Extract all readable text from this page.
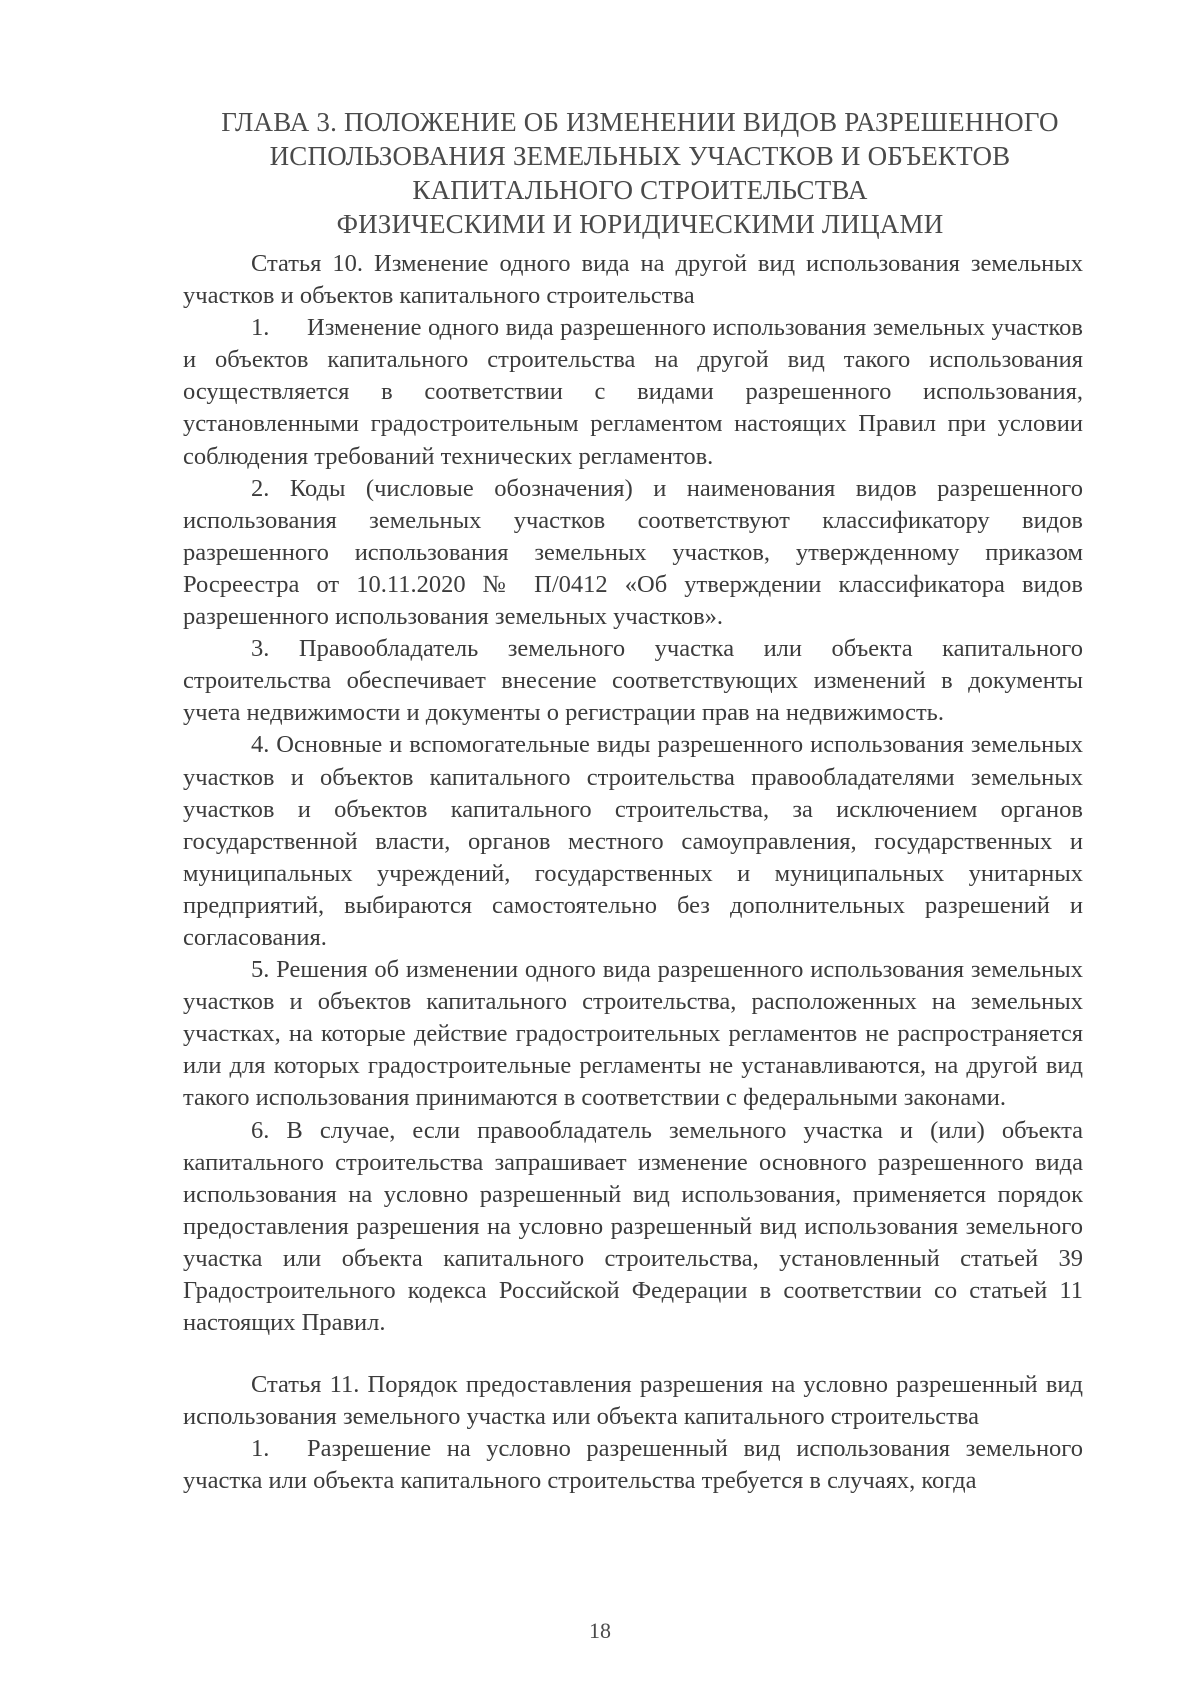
ГЛАВА 3. ПОЛОЖЕНИЕ ОБ ИЗМЕНЕНИИ ВИДОВ РАЗРЕШЕННОГО
ИСПОЛЬЗОВАНИЯ ЗЕМЕЛЬНЫХ УЧАСТКОВ И ОБЪЕКТОВ
КАПИТАЛЬНОГО СТРОИТЕЛЬСТВА
ФИЗИЧЕСКИМИ И ЮРИДИЧЕСКИМИ ЛИЦАМИ

Статья 10. Изменение одного вида на другой вид использования земельных участков и объектов капитального строительства

1. Изменение одного вида разрешенного использования земельных участков и объектов капитального строительства на другой вид такого использования осуществляется в соответствии с видами разрешенного использования, установленными градостроительным регламентом настоящих Правил при условии соблюдения требований технических регламентов.

2. Коды (числовые обозначения) и наименования видов разрешенного использования земельных участков соответствуют классификатору видов разрешенного использования земельных участков, утвержденному приказом Росреестра от 10.11.2020 № П/0412 «Об утверждении классификатора видов разрешенного использования земельных участков».

3. Правообладатель земельного участка или объекта капитального строительства обеспечивает внесение соответствующих изменений в документы учета недвижимости и документы о регистрации прав на недвижимость.

4. Основные и вспомогательные виды разрешенного использования земельных участков и объектов капитального строительства правообладателями земельных участков и объектов капитального строительства, за исключением органов государственной власти, органов местного самоуправления, государственных и муниципальных учреждений, государственных и муниципальных унитарных предприятий, выбираются самостоятельно без дополнительных разрешений и согласования.

5. Решения об изменении одного вида разрешенного использования земельных участков и объектов капитального строительства, расположенных на земельных участках, на которые действие градостроительных регламентов не распространяется или для которых градостроительные регламенты не устанавливаются, на другой вид такого использования принимаются в соответствии с федеральными законами.

6. В случае, если правообладатель земельного участка и (или) объекта капитального строительства запрашивает изменение основного разрешенного вида использования на условно разрешенный вид использования, применяется порядок предоставления разрешения на условно разрешенный вид использования земельного участка или объекта капитального строительства, установленный статьей 39 Градостроительного кодекса Российской Федерации в соответствии со статьей 11 настоящих Правил.

Статья 11. Порядок предоставления разрешения на условно разрешенный вид использования земельного участка или объекта капитального строительства

1. Разрешение на условно разрешенный вид использования земельного участка или объекта капитального строительства требуется в случаях, когда

18
